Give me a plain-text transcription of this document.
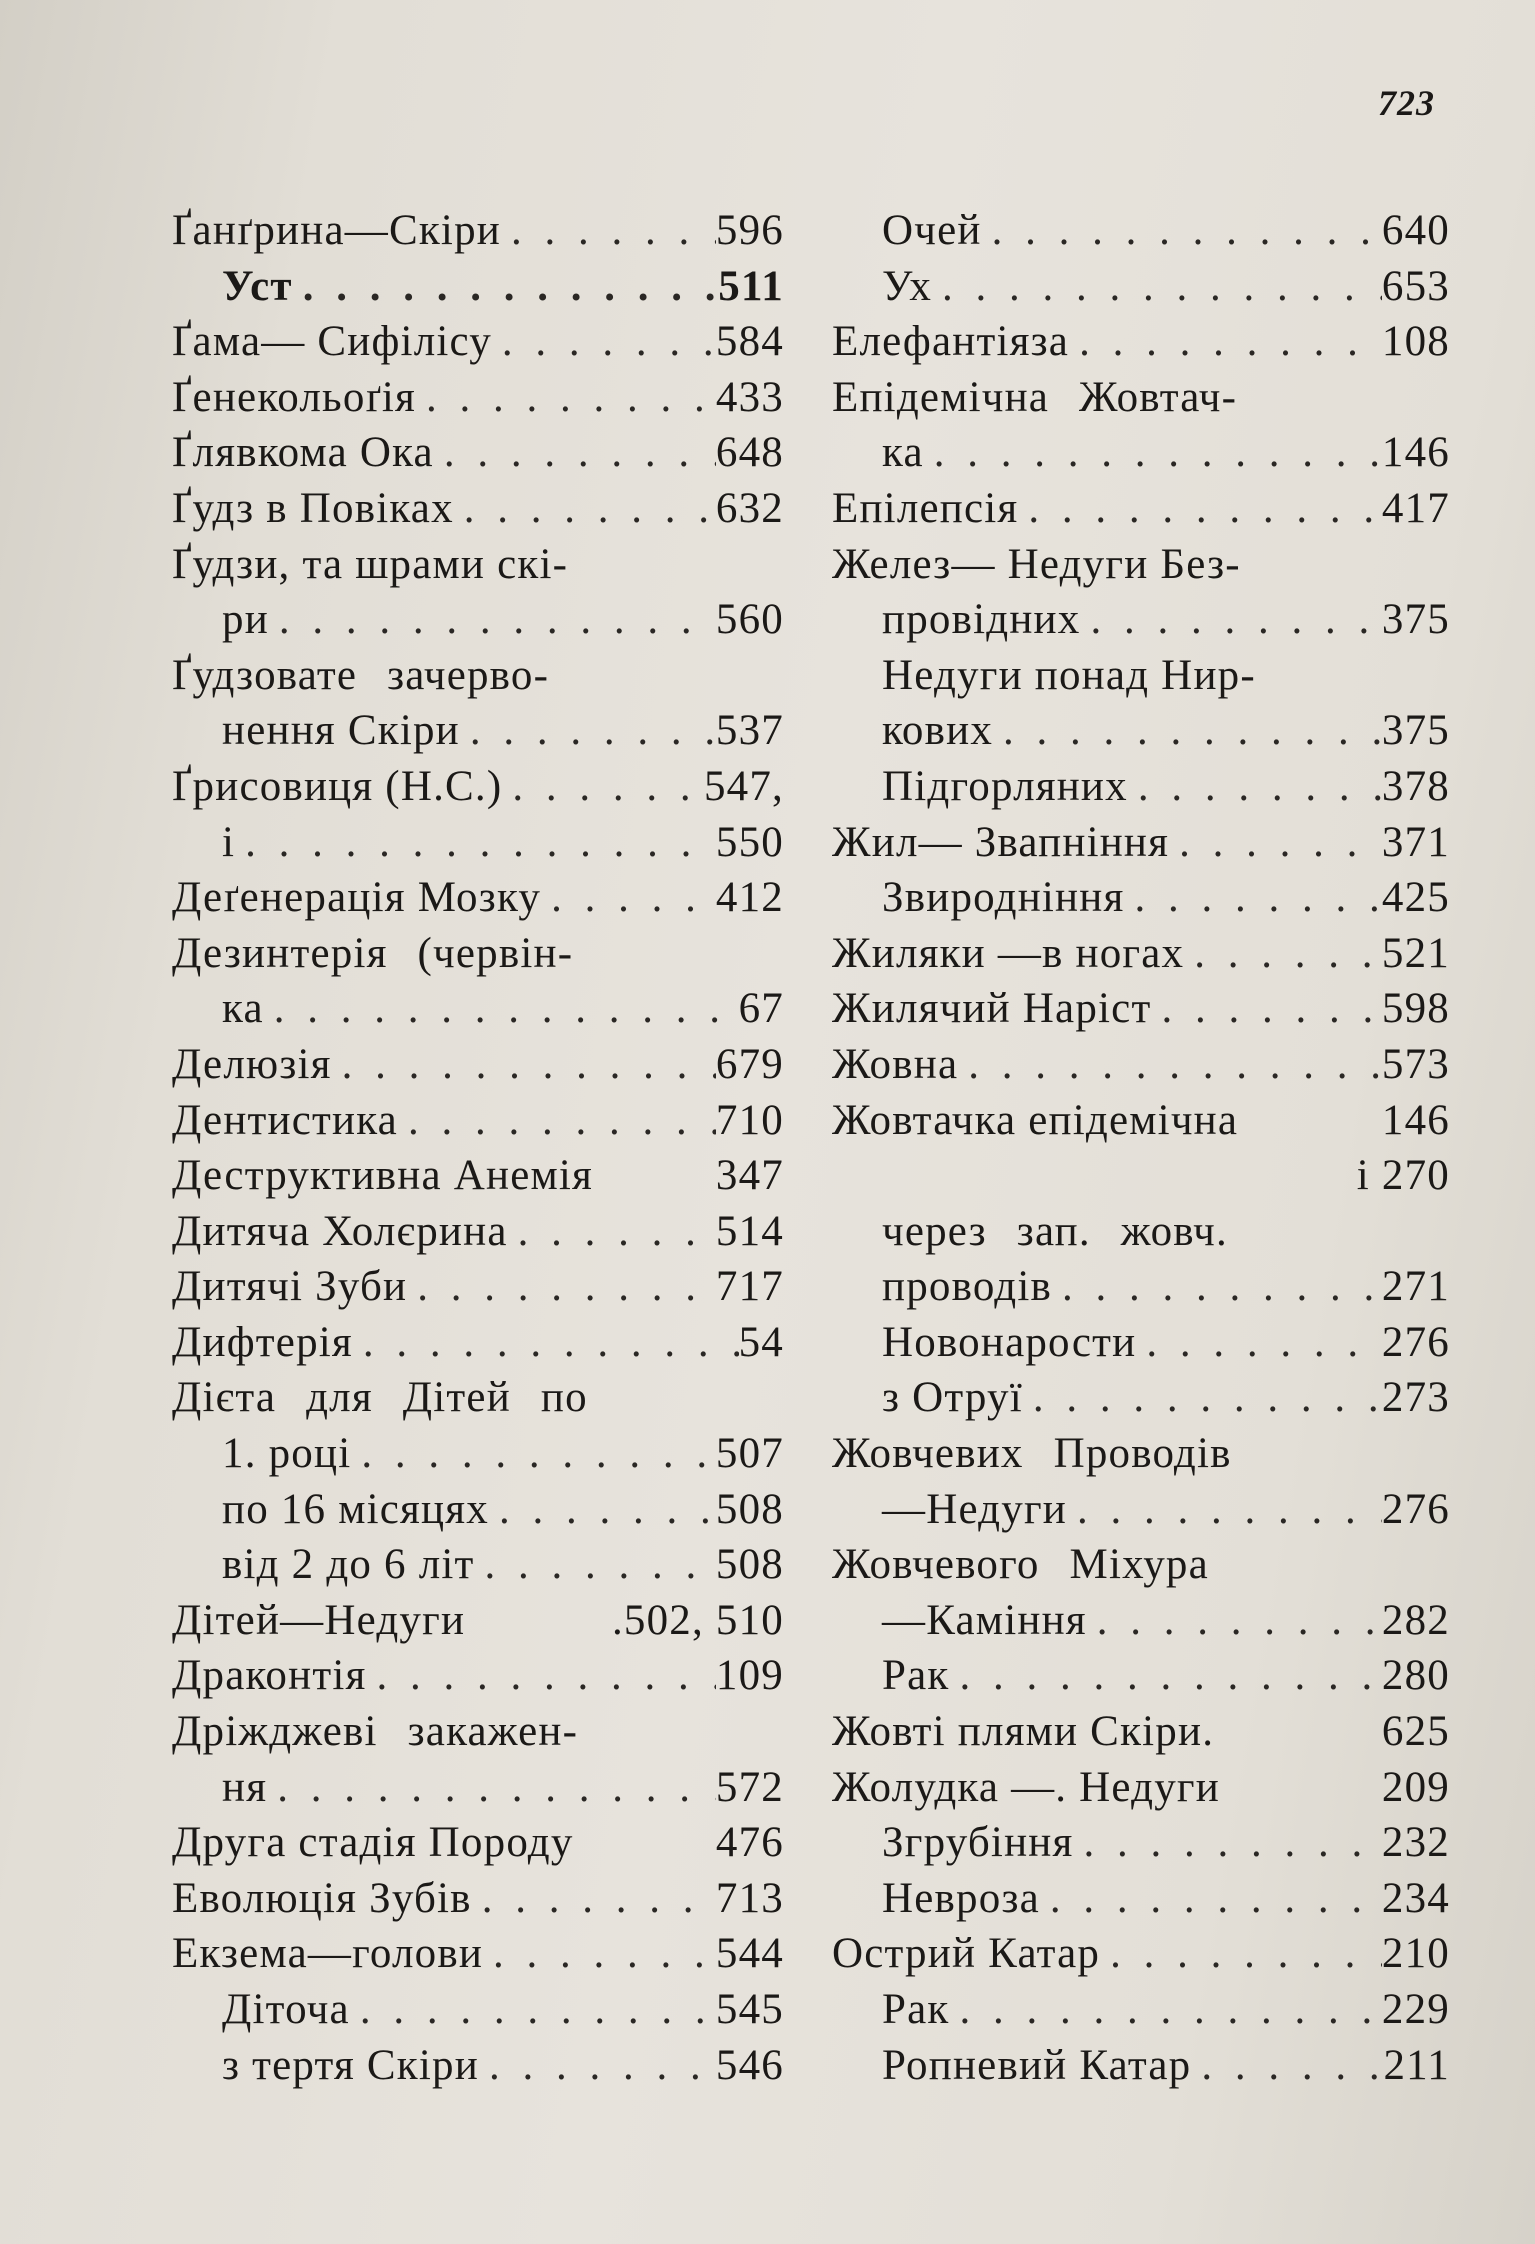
723
Ґанґрина—Скіри . . .	596
Уст . . .	511
Ґама— Сифілісу . . .	584
Ґенекольоґія . . .	433
Ґлявкома Ока . . .	648
Ґудз в Повіках . . .	632
Ґудзи, та шрами скі-
ри . . .	560
Ґудзовате зачерво-
нення Скіри . . .	537
Ґрисовиця (Н.С.) . . .	547,
і . . .	550
Деґенерація Мозку . . .	412
Дезинтерія (червін-
ка . . .	67
Делюзія . . .	679
Дентистика . . .	710
Деструктивна Анемія	347
Дитяча Холєрина . . .	514
Дитячі Зуби . . .	717
Дифтерія . . .	54
Дієта для Дітей по
1. році . . .	507
по 16 місяцях . . .	508
від 2 до 6 літ . . .	508
Дітей—Недуги	.502, 510
Драконтія . . .	109
Дріжджеві закажен-
ня . . .	572
Друга стадія Породу	476
Еволюція Зубів . . .	713
Екзема—голови . . .	544
Діточа . . .	545
з тертя Скіри . . .	546
Очей . . .	640
Ух . . .	653
Елефантіяза . . .	108
Епідемічна Жовтач-
ка . . .	146
Епілепсія . . .	417
Желез— Недуги Без-
провідних . . .	375
Недуги понад Нир-
кових . . .	375
Підгорляних . . .	378
Жил— Звапніння . . .	371
Звироднiння . . .	425
Жиляки —в ногах . . .	521
Жилячий Наріст . . .	598
Жовна . . .	573
Жовтачка епідемічна	146
і 270
через зап. жовч.
проводів . . .	271
Новонарости . . .	276
з Отруї . . .	273
Жовчевих Проводів
—Недуги . . .	276
Жовчевого Міхура
—Каміння . . .	282
Рак . . .	280
Жовті плями Скіри.	625
Жолудка —. Недуги	209
Згрубіння . . .	232
Невроза . . .	234
Острий Катар . . .	210
Рак . . .	229
Ропневий Катар . . .	211
